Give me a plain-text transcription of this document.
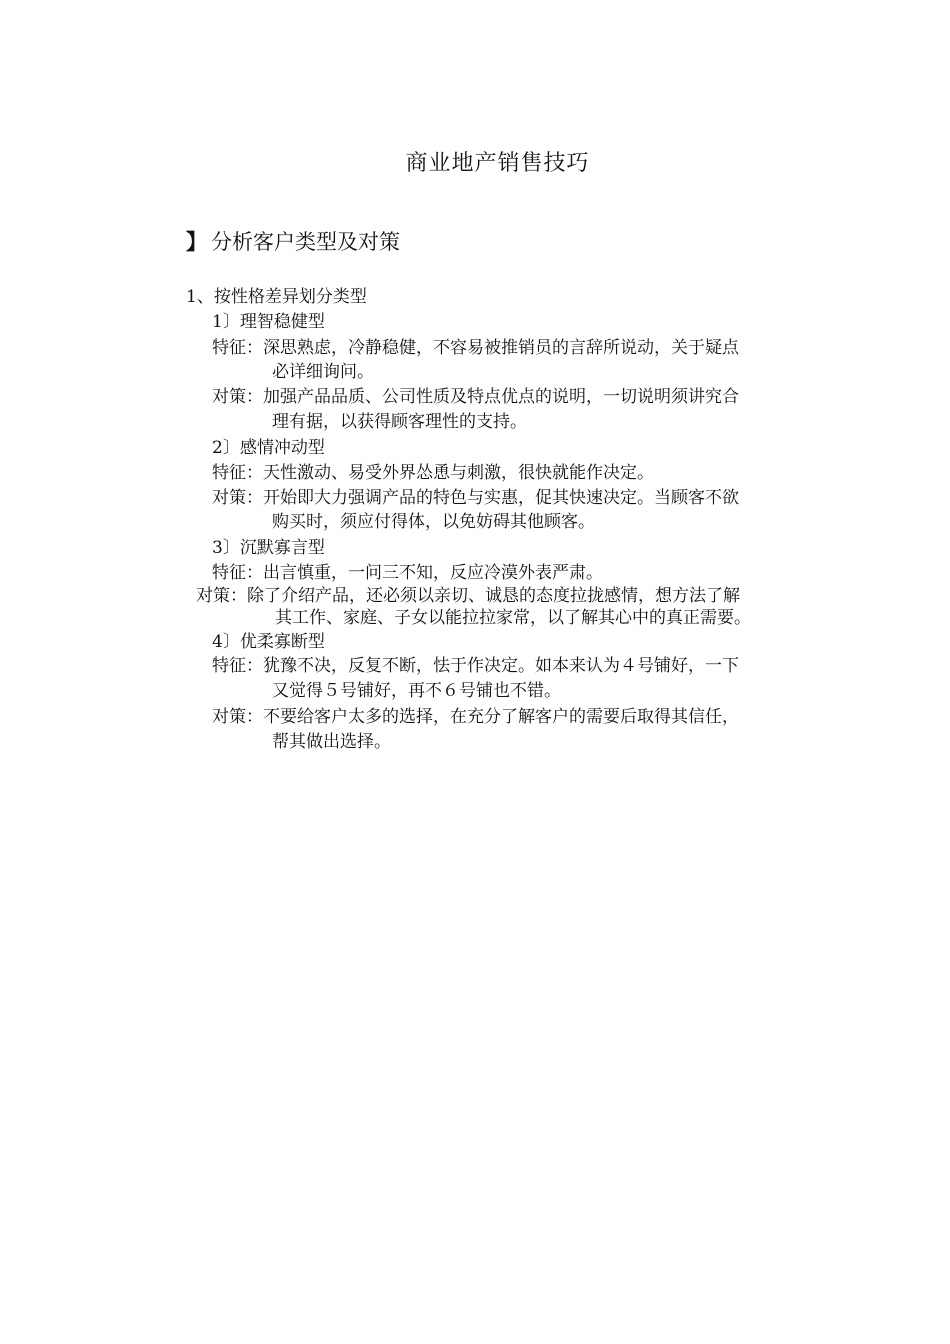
商业地产销售技巧
】 分析客户类型及对策
1、按性格差异划分类型
1〕理智稳健型
特征：深思熟虑，冷静稳健，不容易被推销员的言辞所说动，关于疑点
必详细询问。
对策：加强产品品质、公司性质及特点优点的说明，一切说明须讲究合
理有据，以获得顾客理性的支持。
2〕感情冲动型
特征：天性激动、易受外界怂恿与刺激，很快就能作决定。
对策：开始即大力强调产品的特色与实惠，促其快速决定。当顾客不欲
购买时，须应付得体，以免妨碍其他顾客。
3〕沉默寡言型
特征：出言慎重，一问三不知，反应冷漠外表严肃。
对策：除了介绍产品，还必须以亲切、诚恳的态度拉拢感情，想方法了解
其工作、家庭、子女以能拉拉家常，以了解其心中的真正需要。
4〕优柔寡断型
特征：犹豫不决，反复不断，怯于作决定。如本来认为４号铺好，一下
又觉得５号铺好，再不６号铺也不错。
对策：不要给客户太多的选择，在充分了解客户的需要后取得其信任，
帮其做出选择。
